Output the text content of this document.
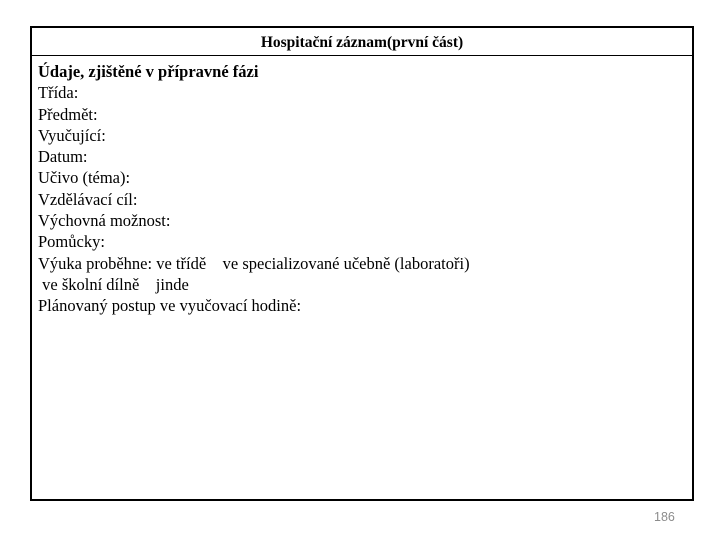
Hospitační záznam(první část)
Údaje, zjištěné v přípravné fázi
Třída:
Předmět:
Vyučující:
Datum:
Učivo (téma):
Vzdělávací cíl:
Výchovná možnost:
Pomůcky:
Výuka proběhne: ve třídě    ve specializované učebně (laboratoři)
ve školní dílně    jinde
Plánovaný postup ve vyučovací hodině:
186
